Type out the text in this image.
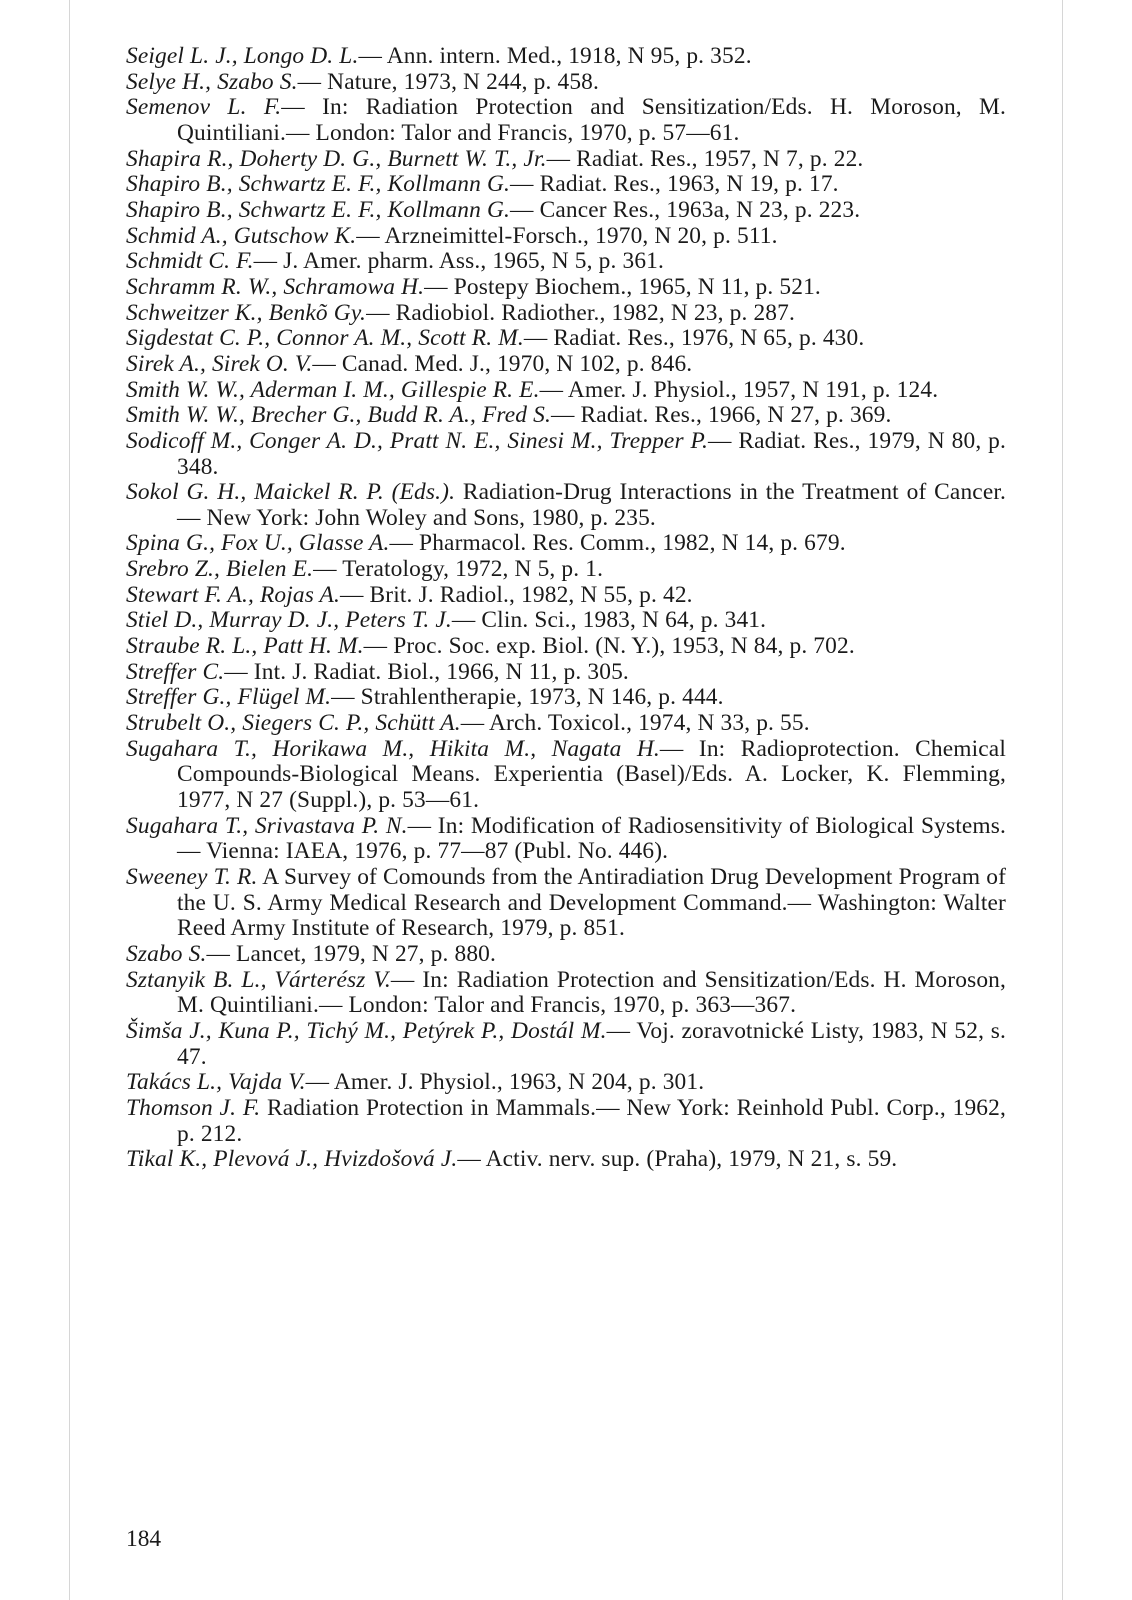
Seigel L. J., Longo D. L.— Ann. intern. Med., 1918, N 95, p. 352.

Selye H., Szabo S.— Nature, 1973, N 244, p. 458.

Semenov L. F.— In: Radiation Protection and Sensitization/Eds. H. Moroson, M. Quintiliani.— London: Talor and Francis, 1970, p. 57—61.

Shapira R., Doherty D. G., Burnett W. T., Jr.— Radiat. Res., 1957, N 7, p. 22.

Shapiro B., Schwartz E. F., Kollmann G.— Radiat. Res., 1963, N 19, p. 17.

Shapiro B., Schwartz E. F., Kollmann G.— Cancer Res., 1963a, N 23, p. 223.

Schmid A., Gutschow K.— Arzneimittel-Forsch., 1970, N 20, p. 511.

Schmidt C. F.— J. Amer. pharm. Ass., 1965, N 5, p. 361.

Schramm R. W., Schramowa H.— Postepy Biochem., 1965, N 11, p. 521.

Schweitzer K., Benkõ Gy.— Radiobiol. Radiother., 1982, N 23, p. 287.

Sigdestat C. P., Connor A. M., Scott R. M.— Radiat. Res., 1976, N 65, p. 430.

Sirek A., Sirek O. V.— Canad. Med. J., 1970, N 102, p. 846.

Smith W. W., Aderman I. M., Gillespie R. E.— Amer. J. Physiol., 1957, N 191, p. 124.

Smith W. W., Brecher G., Budd R. A., Fred S.— Radiat. Res., 1966, N 27, p. 369.

Sodicoff M., Conger A. D., Pratt N. E., Sinesi M., Trepper P.— Radiat. Res., 1979, N 80, p. 348.

Sokol G. H., Maickel R. P. (Eds.). Radiation-Drug Interactions in the Treatment of Cancer.— New York: John Woley and Sons, 1980, p. 235.

Spina G., Fox U., Glasse A.— Pharmacol. Res. Comm., 1982, N 14, p. 679.

Srebro Z., Bielen E.— Teratology, 1972, N 5, p. 1.

Stewart F. A., Rojas A.— Brit. J. Radiol., 1982, N 55, p. 42.

Stiel D., Murray D. J., Peters T. J.— Clin. Sci., 1983, N 64, p. 341.

Straube R. L., Patt H. M.— Proc. Soc. exp. Biol. (N. Y.), 1953, N 84, p. 702.

Streffer C.— Int. J. Radiat. Biol., 1966, N 11, p. 305.

Streffer G., Flügel M.— Strahlentherapie, 1973, N 146, p. 444.

Strubelt O., Siegers C. P., Schütt A.— Arch. Toxicol., 1974, N 33, p. 55.

Sugahara T., Horikawa M., Hikita M., Nagata H.— In: Radioprotection. Chemical Compounds-Biological Means. Experientia (Basel)/Eds. A. Locker, K. Flemming, 1977, N 27 (Suppl.), p. 53—61.

Sugahara T., Srivastava P. N.— In: Modification of Radiosensitivity of Biological Systems.— Vienna: IAEA, 1976, p. 77—87 (Publ. No. 446).

Sweeney T. R. A Survey of Comounds from the Antiradiation Drug Development Program of the U. S. Army Medical Research and Development Command.— Washington: Walter Reed Army Institute of Research, 1979, p. 851.

Szabo S.— Lancet, 1979, N 27, p. 880.

Sztanyik B. L., Várterész V.— In: Radiation Protection and Sensitization/Eds. H. Moroson, M. Quintiliani.— London: Talor and Francis, 1970, p. 363—367.

Šimša J., Kuna P., Tichý M., Petýrek P., Dostál M.— Voj. zoravotnické Listy, 1983, N 52, s. 47.

Takács L., Vajda V.— Amer. J. Physiol., 1963, N 204, p. 301.

Thomson J. F. Radiation Protection in Mammals.— New York: Reinhold Publ. Corp., 1962, p. 212.

Tikal K., Plevová J., Hvizdošová J.— Activ. nerv. sup. (Praha), 1979, N 21, s. 59.

184
